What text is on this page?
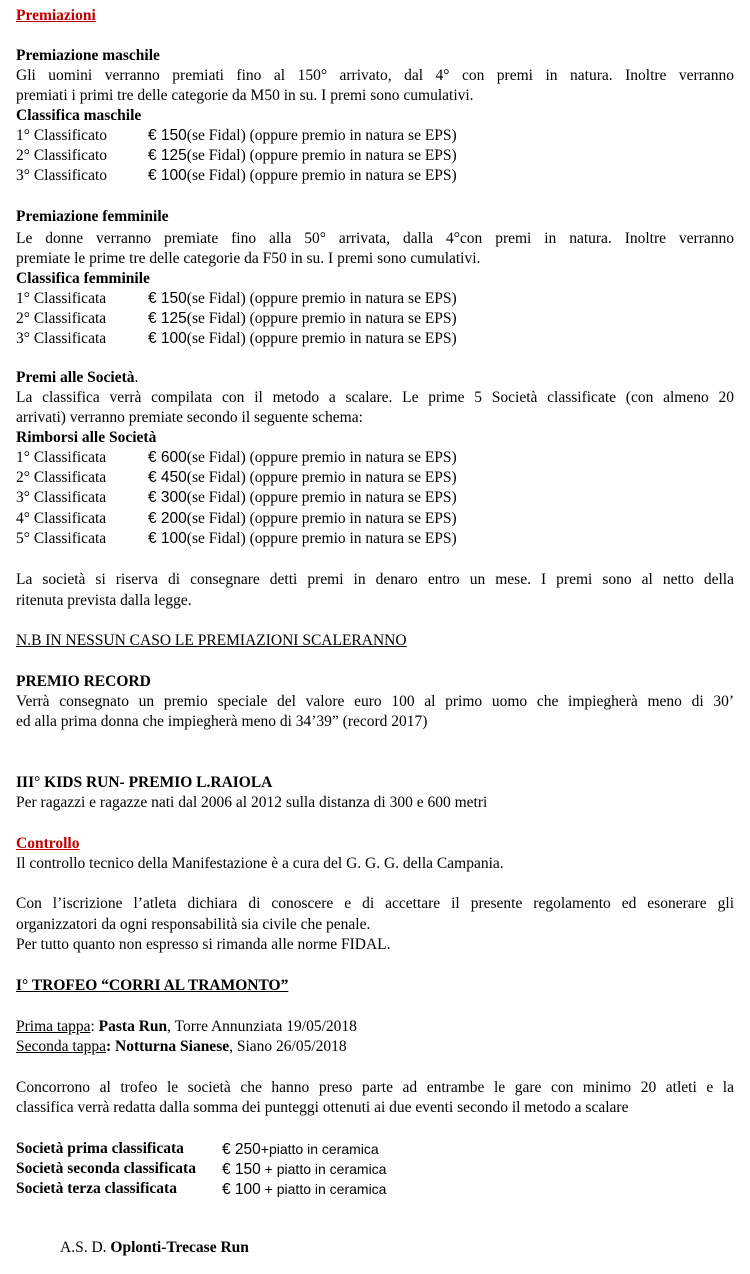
Premiazioni
Premiazione maschile
Gli uomini verranno premiati fino al 150° arrivato, dal 4° con premi in natura. Inoltre verranno
premiati i primi tre delle categorie da M50 in su. I premi sono cumulativi.
Classifica maschile
1° Classificato	€ 150(se Fidal) (oppure premio in natura se EPS)
2° Classificato	€ 125(se Fidal) (oppure premio in natura se EPS)
3° Classificato	€ 100(se Fidal) (oppure premio in natura se EPS)
Premiazione femminile
Le donne verranno premiate fino alla 50° arrivata, dalla 4°con premi in natura. Inoltre verranno
premiate le prime tre delle categorie da F50 in su. I premi sono cumulativi.
Classifica femminile
1° Classificata	€ 150(se Fidal) (oppure premio in natura se EPS)
2° Classificata	€ 125(se Fidal) (oppure premio in natura se EPS)
3° Classificata	€ 100(se Fidal) (oppure premio in natura se EPS)
Premi alle Società.
La classifica verrà compilata con il metodo a scalare. Le prime 5 Società classificate (con almeno 20
arrivati) verranno premiate secondo il seguente schema:
Rimborsi alle Società
1° Classificata	€ 600(se Fidal) (oppure premio in natura se EPS)
2° Classificata	€ 450(se Fidal) (oppure premio in natura se EPS)
3° Classificata	€ 300(se Fidal) (oppure premio in natura se EPS)
4° Classificata	€ 200(se Fidal) (oppure premio in natura se EPS)
5° Classificata	€ 100(se Fidal) (oppure premio in natura se EPS)
La società si riserva di consegnare detti premi in denaro entro un mese. I premi sono al netto della
ritenuta prevista dalla legge.
N.B IN NESSUN CASO LE PREMIAZIONI SCALERANNO
PREMIO RECORD
Verrà consegnato un premio speciale del valore euro 100 al primo uomo che impiegherà meno di 30’
ed alla prima donna che impiegherà meno di 34’39” (record 2017)
III° KIDS RUN- PREMIO L.RAIOLA
Per ragazzi e ragazze nati dal 2006 al 2012 sulla distanza di 300 e 600 metri
Controllo
Il controllo tecnico della Manifestazione è a cura del G. G. G. della Campania.
Con l’iscrizione l’atleta dichiara di conoscere e di accettare il presente regolamento ed esonerare gli
organizzatori da ogni responsabilità sia civile che penale.
Per tutto quanto non espresso si rimanda alle norme FIDAL.
I° TROFEO “CORRI AL TRAMONTO”
Prima tappa: Pasta Run, Torre Annunziata 19/05/2018
Seconda tappa: Notturna Sianese, Siano 26/05/2018
Concorrono al trofeo le società che hanno preso parte ad entrambe le gare con minimo 20 atleti e la
classifica verrà redatta dalla somma dei punteggi ottenuti ai due eventi secondo il metodo a scalare
Società prima classificata € 250+piatto in ceramica
Società seconda classificata € 150 + piatto in ceramica
Società terza classificata	€ 100 + piatto in ceramica
A.S. D. Oplonti-Trecase Run
